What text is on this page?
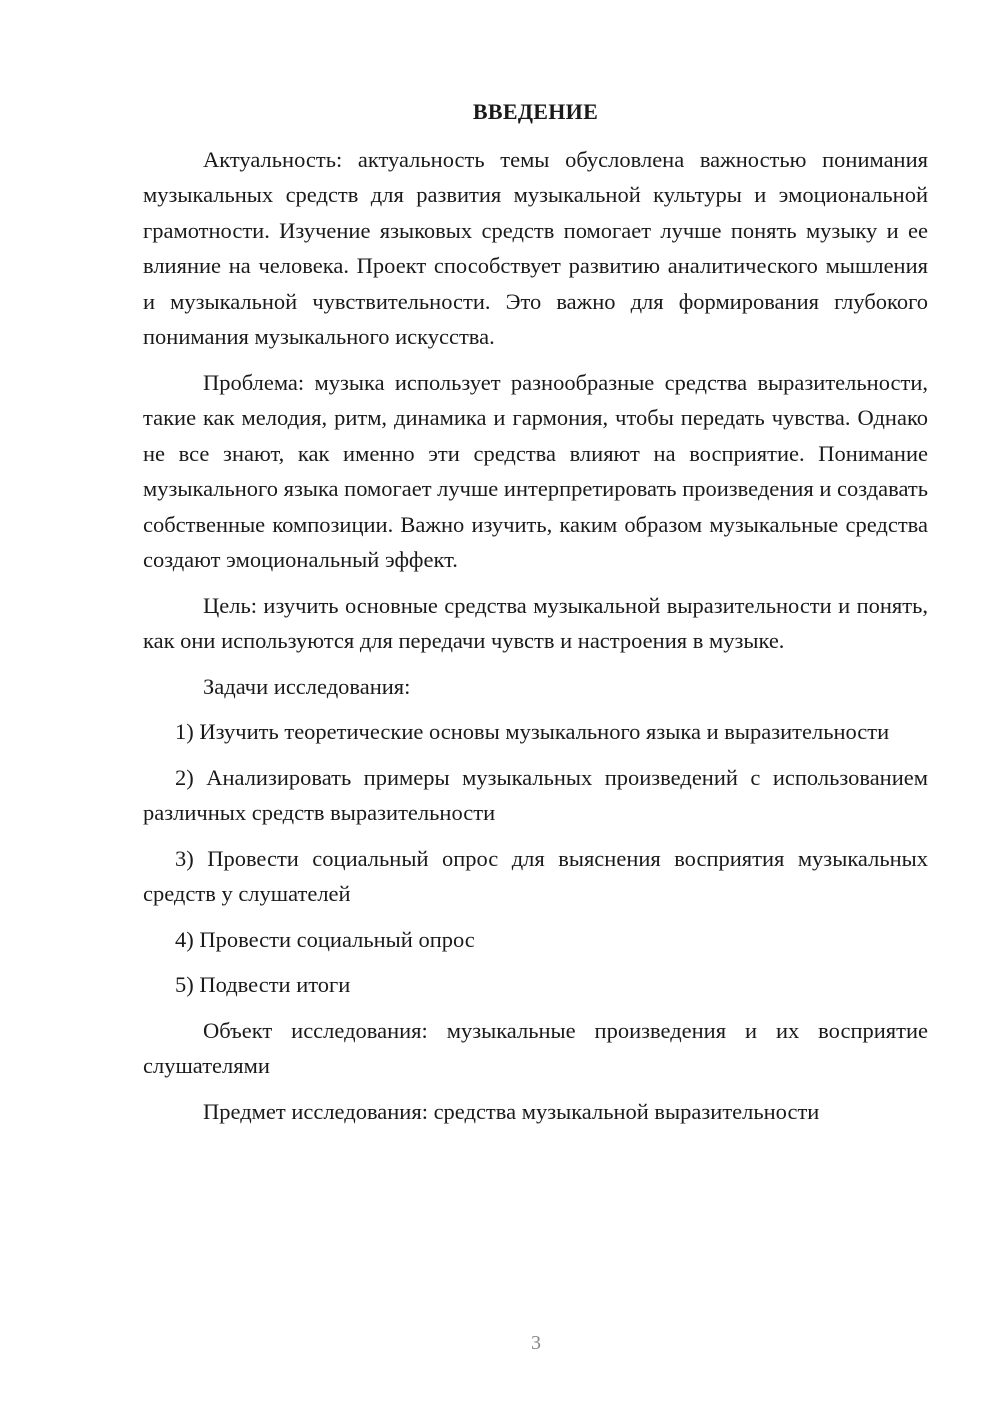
ВВЕДЕНИЕ

Актуальность: актуальность темы обусловлена важностью понимания музыкальных средств для развития музыкальной культуры и эмоциональной грамотности. Изучение языковых средств помогает лучше понять музыку и ее влияние на человека. Проект способствует развитию аналитического мышления и музыкальной чувствительности. Это важно для формирования глубокого понимания музыкального искусства.

Проблема: музыка использует разнообразные средства выразительности, такие как мелодия, ритм, динамика и гармония, чтобы передать чувства. Однако не все знают, как именно эти средства влияют на восприятие. Понимание музыкального языка помогает лучше интерпретировать произведения и создавать собственные композиции. Важно изучить, каким образом музыкальные средства создают эмоциональный эффект.

Цель: изучить основные средства музыкальной выразительности и понять, как они используются для передачи чувств и настроения в музыке.

Задачи исследования:

1) Изучить теоретические основы музыкального языка и выразительности

2) Анализировать примеры музыкальных произведений с использованием различных средств выразительности

3) Провести социальный опрос для выяснения восприятия музыкальных средств у слушателей

4) Провести социальный опрос

5) Подвести итоги

Объект исследования: музыкальные произведения и их восприятие слушателями

Предмет исследования: средства музыкальной выразительности

3
